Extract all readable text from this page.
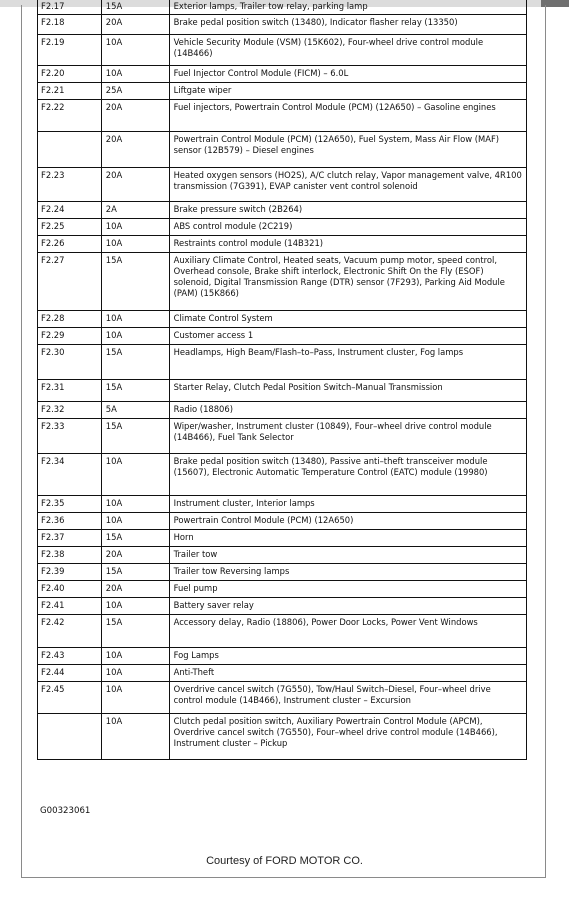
F2.17	15A	Exterior lamps, Trailer tow relay, parking lamp
F2.18	20A	Brake pedal position switch (13480), Indicator flasher relay (13350)
F2.19	10A	Vehicle Security Module (VSM) (15K602), Four-wheel drive control module (14B466)
F2.20	10A	Fuel Injector Control Module (FICM) – 6.0L
F2.21	25A	Liftgate wiper
F2.22	20A	Fuel injectors, Powertrain Control Module (PCM) (12A650) – Gasoline engines
	20A	Powertrain Control Module (PCM) (12A650), Fuel System, Mass Air Flow (MAF) sensor (12B579) – Diesel engines
F2.23	20A	Heated oxygen sensors (HO2S), A/C clutch relay, Vapor management valve, 4R100 transmission (7G391), EVAP canister vent control solenoid
F2.24	2A	Brake pressure switch (2B264)
F2.25	10A	ABS control module (2C219)
F2.26	10A	Restraints control module (14B321)
F2.27	15A	Auxiliary Climate Control, Heated seats, Vacuum pump motor, speed control, Overhead console, Brake shift interlock, Electronic Shift On the Fly (ESOF) solenoid, Digital Transmission Range (DTR) sensor (7F293), Parking Aid Module (PAM) (15K866)
F2.28	10A	Climate Control System
F2.29	10A	Customer access 1
F2.30	15A	Headlamps, High Beam/Flash–to–Pass, Instrument cluster, Fog lamps
F2.31	15A	Starter Relay, Clutch Pedal Position Switch–Manual Transmission
F2.32	5A	Radio (18806)
F2.33	15A	Wiper/washer, Instrument cluster (10849), Four–wheel drive control module (14B466), Fuel Tank Selector
F2.34	10A	Brake pedal position switch (13480), Passive anti–theft transceiver module (15607), Electronic Automatic Temperature Control (EATC) module (19980)
F2.35	10A	Instrument cluster, Interior lamps
F2.36	10A	Powertrain Control Module (PCM) (12A650)
F2.37	15A	Horn
F2.38	20A	Trailer tow
F2.39	15A	Trailer tow Reversing lamps
F2.40	20A	Fuel pump
F2.41	10A	Battery saver relay
F2.42	15A	Accessory delay, Radio (18806), Power Door Locks, Power Vent Windows
F2.43	10A	Fog Lamps
F2.44	10A	Anti-Theft
F2.45	10A	Overdrive cancel switch (7G550), Tow/Haul Switch–Diesel, Four–wheel drive control module (14B466), Instrument cluster – Excursion
	10A	Clutch pedal position switch, Auxiliary Powertrain Control Module (APCM), Overdrive cancel switch (7G550), Four–wheel drive control module (14B466), Instrument cluster – Pickup
G00323061
Courtesy of FORD MOTOR CO.
